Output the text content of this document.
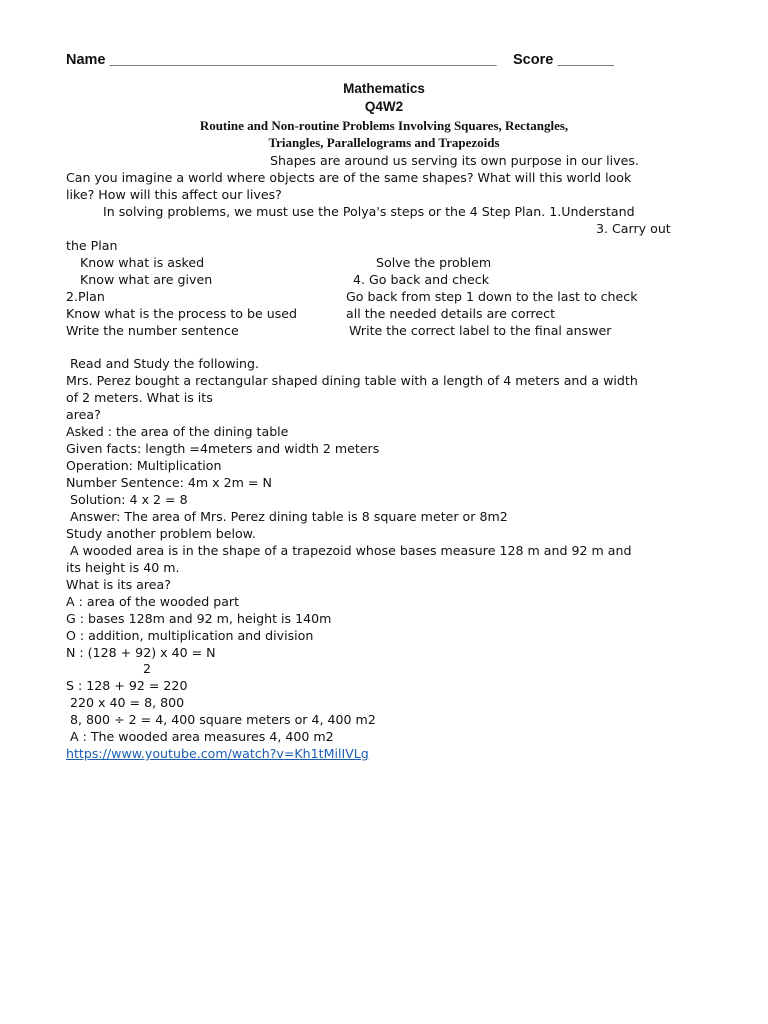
Name ________________________________________________ Score _______
Mathematics
Q4W2
Routine and Non-routine Problems Involving Squares, Rectangles,
Triangles, Parallelograms and Trapezoids
Shapes are around us serving its own purpose in our lives.
Can you imagine a world where objects are of the same shapes? What will this world look
like? How will this affect our lives?
In solving problems, we must use the Polya's steps or the 4 Step Plan. 1.Understand
3. Carry out
the Plan
Know what is asked
Know what are given
2.Plan
Know what is the process to be used
Write the number sentence
Solve the problem
4. Go back and check
Go back from step 1 down to the last to check
all the needed details are correct
Write the correct label to the final answer
Read and Study the following.
Mrs. Perez bought a rectangular shaped dining table with a length of 4 meters and a width
of 2 meters. What is its
area?
Asked : the area of the dining table
Given facts: length =4meters and width 2 meters
Operation: Multiplication
Number Sentence: 4m x 2m = N
Solution: 4 x 2 = 8
Answer: The area of Mrs. Perez dining table is 8 square meter or 8m2
Study another problem below.
A wooded area is in the shape of a trapezoid whose bases measure 128 m and 92 m and
its height is 40 m.
What is its area?
A : area of the wooded part
G : bases 128m and 92 m, height is 140m
O : addition, multiplication and division
N : (128 + 92) x 40 = N
2
S : 128 + 92 = 220
220 x 40 = 8, 800
8, 800 ÷ 2 = 4, 400 square meters or 4, 400 m2
A : The wooded area measures 4, 400 m2
https://www.youtube.com/watch?v=Kh1tMilIVLg
